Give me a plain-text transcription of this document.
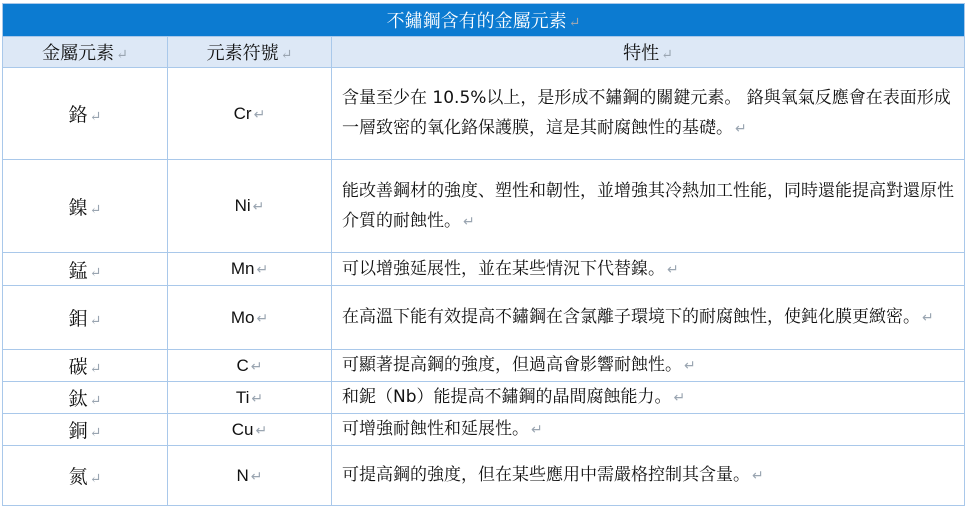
不鏽鋼含有的金屬元素 ↵		
金屬元素 ↵	元素符號 ↵	特性 ↵
鉻 ↵	Cr ↵	含量至少在 10.5%以上，是形成不鏽鋼的關鍵元素。 鉻與氧氣反應會在表面形成一層致密的氧化鉻保護膜，這是其耐腐蝕性的基礎。 ↵
鎳 ↵	Ni ↵	能改善鋼材的強度、塑性和韌性，並增強其冷熱加工性能，同時還能提高對還原性介質的耐蝕性。 ↵
錳 ↵	Mn ↵	可以增強延展性，並在某些情況下代替鎳。 ↵
鉬 ↵	Mo ↵	在高溫下能有效提高不鏽鋼在含氯離子環境下的耐腐蝕性，使鈍化膜更緻密。 ↵
碳 ↵	C ↵	可顯著提高鋼的強度，但過高會影響耐蝕性。 ↵
鈦 ↵	Ti ↵	和鈮（Nb）能提高不鏽鋼的晶間腐蝕能力。 ↵
銅 ↵	Cu ↵	可增強耐蝕性和延展性。 ↵
氮 ↵	N ↵	可提高鋼的強度，但在某些應用中需嚴格控制其含量。 ↵
